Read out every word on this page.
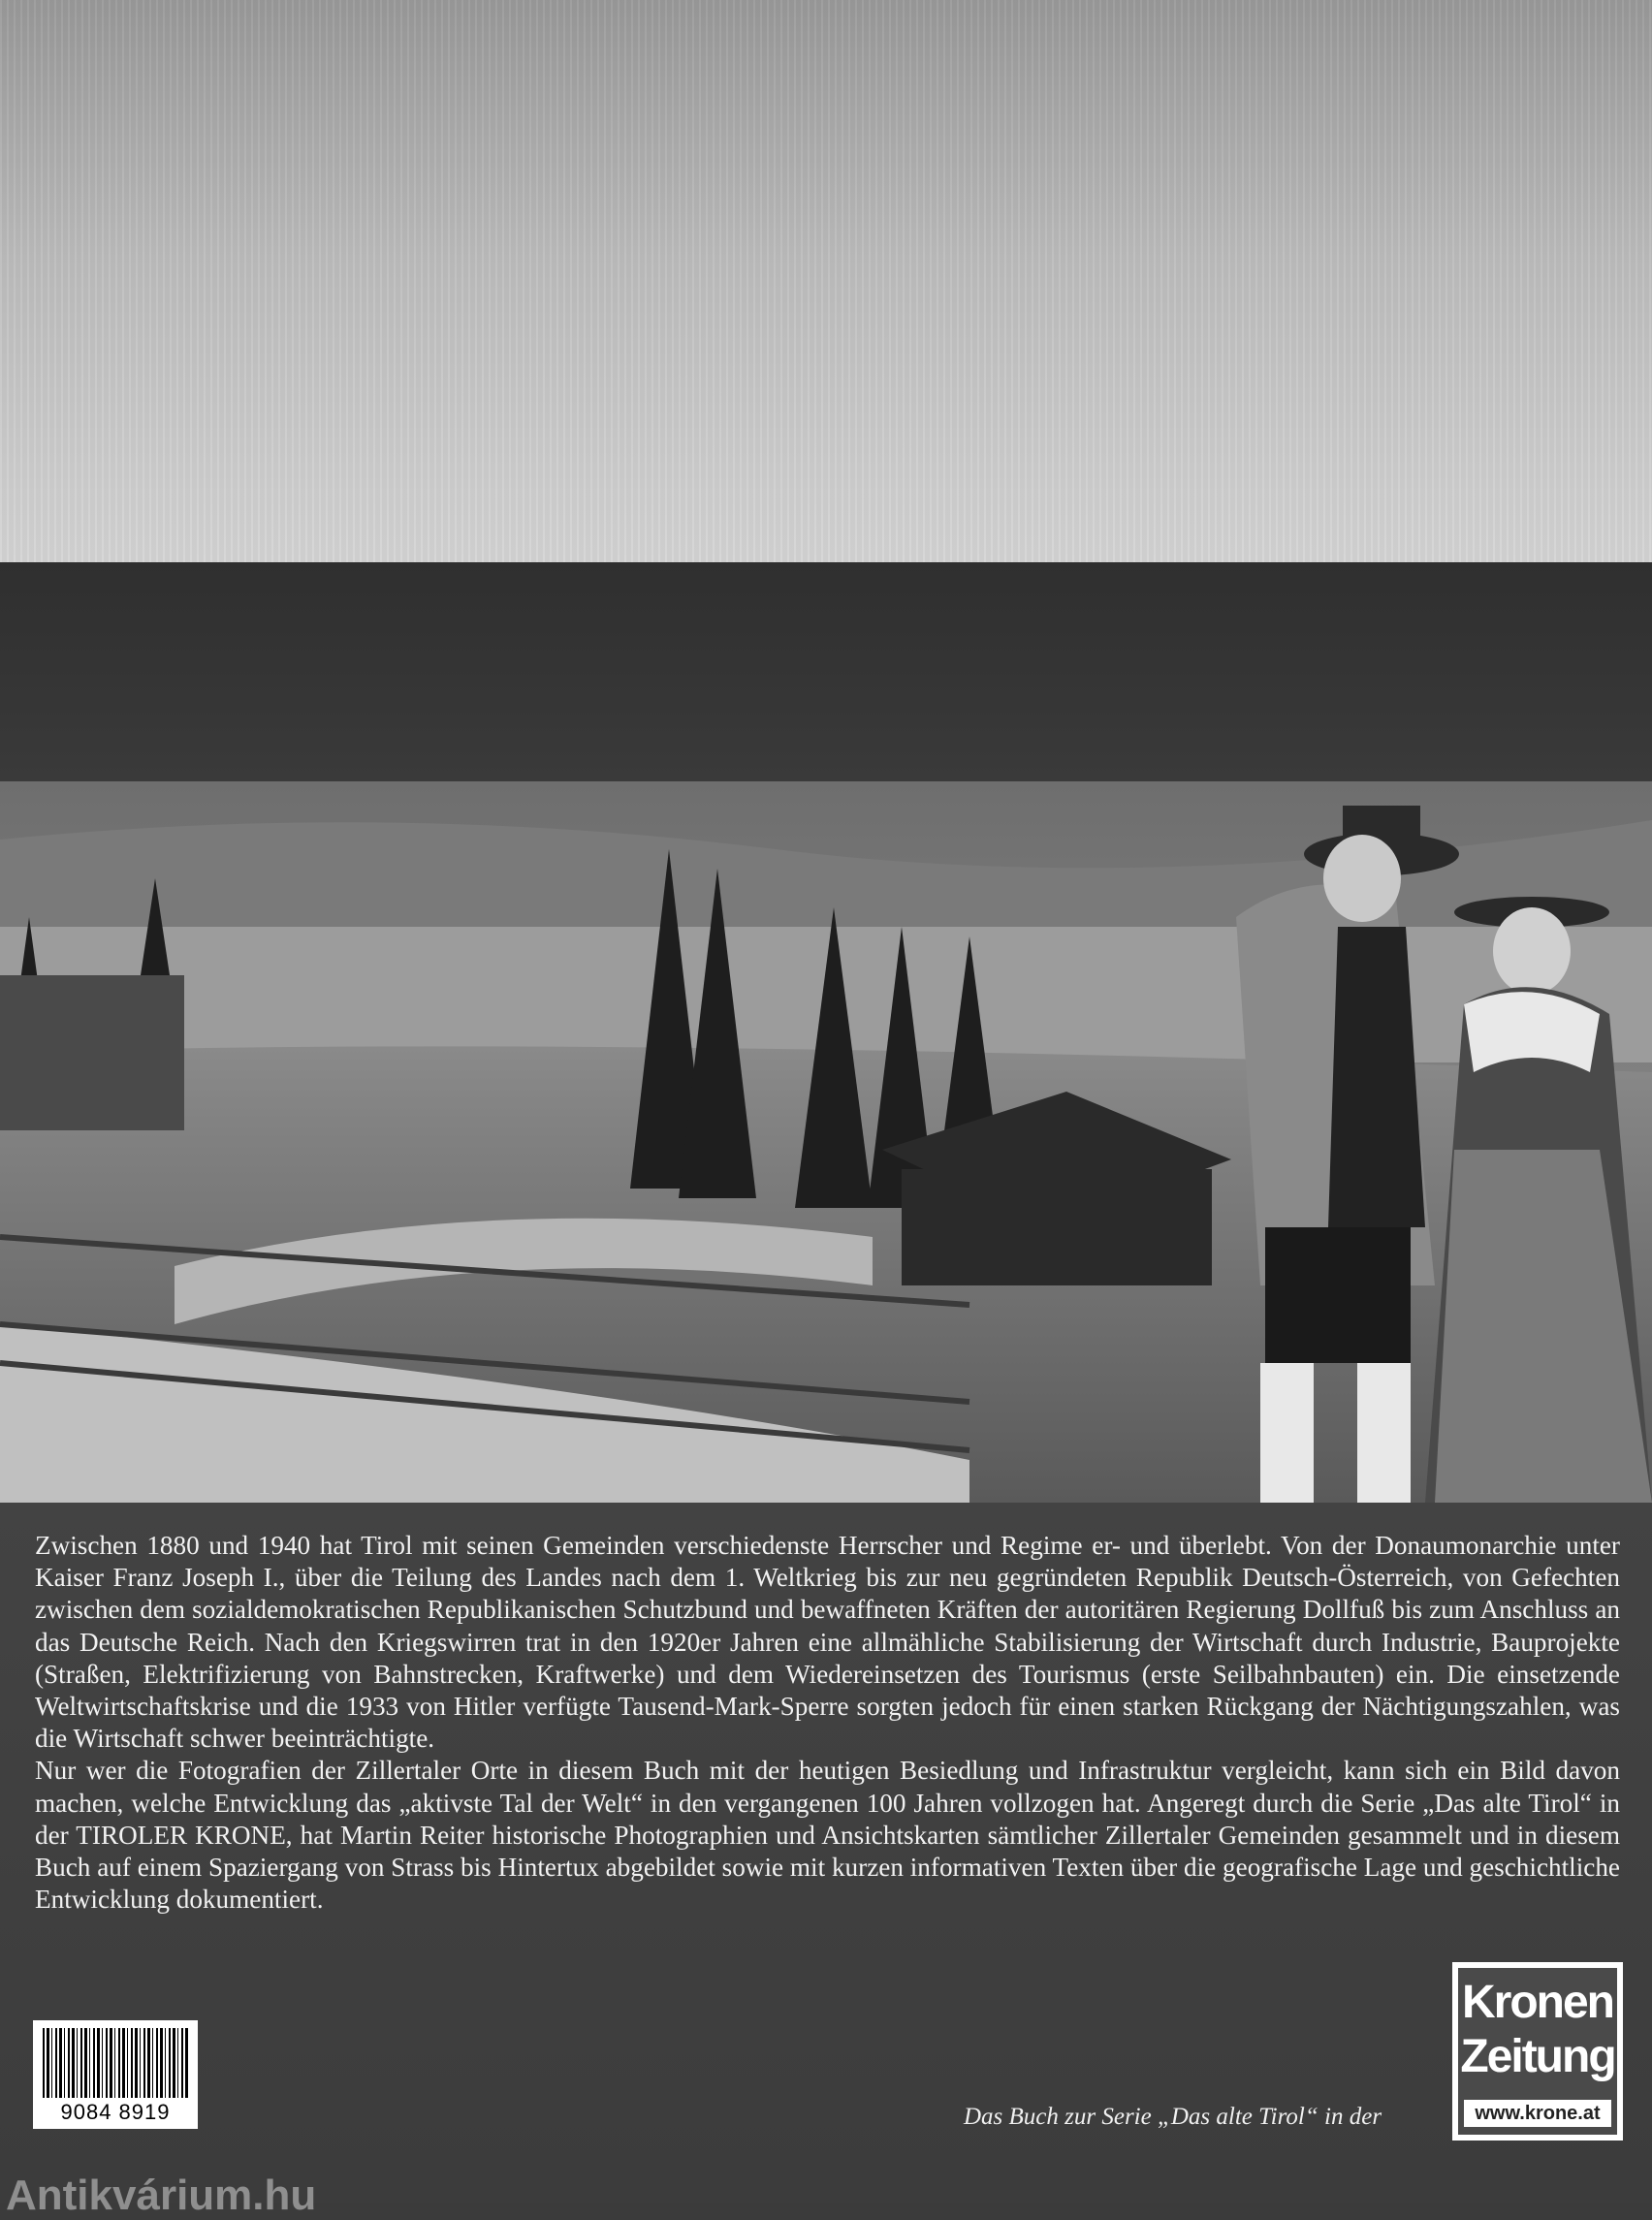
Zwischen 1880 und 1940 hat Tirol mit seinen Gemeinden verschiedenste Herrscher und Regime er- und überlebt. Von der Donaumonarchie unter Kaiser Franz Joseph I., über die Teilung des Landes nach dem 1. Weltkrieg bis zur neu gegründeten Republik Deutsch-Österreich, von Gefechten zwischen dem sozialdemokratischen Republikanischen Schutzbund und bewaffneten Kräften der autoritären Regierung Dollfuß bis zum Anschluss an das Deutsche Reich. Nach den Kriegswirren trat in den 1920er Jahren eine allmähliche Stabilisierung der Wirtschaft durch Industrie, Bauprojekte (Straßen, Elektrifizierung von Bahnstrecken, Kraftwerke) und dem Wiedereinsetzen des Tourismus (erste Seilbahnbauten) ein. Die einsetzende Weltwirtschaftskrise und die 1933 von Hitler verfügte Tausend-Mark-Sperre sorgten jedoch für einen starken Rückgang der Nächtigungszahlen, was die Wirtschaft schwer beeinträchtigte.

Nur wer die Fotografien der Zillertaler Orte in diesem Buch mit der heutigen Besiedlung und Infrastruktur vergleicht, kann sich ein Bild davon machen, welche Entwicklung das „aktivste Tal der Welt“ in den vergangenen 100 Jahren vollzogen hat. Angeregt durch die Serie „Das alte Tirol“ in der TIROLER KRONE, hat Martin Reiter historische Photographien und Ansichtskarten sämtlicher Zillertaler Gemeinden gesammelt und in diesem Buch auf einem Spaziergang von Strass bis Hintertux abgebildet sowie mit kurzen informativen Texten über die geografische Lage und geschichtliche Entwicklung dokumentiert.

9084 8919
Kronen
Zeitung
www.krone.at
Das Buch zur Serie „Das alte Tirol“ in der
Antikvárium.hu
